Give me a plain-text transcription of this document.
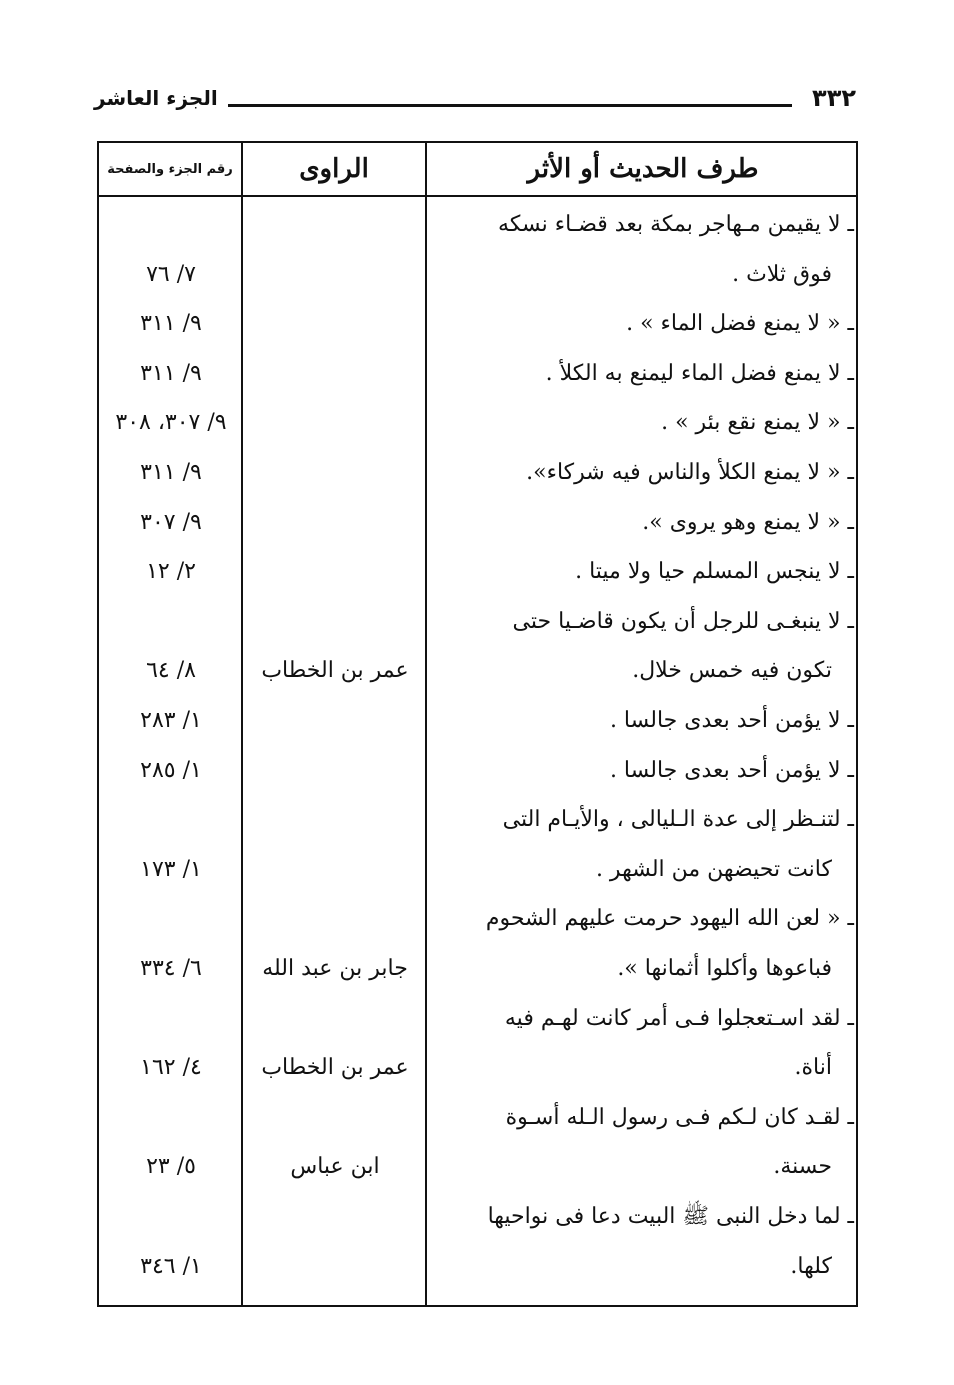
الجزء العاشر	٣٣٢
طرف الحديث أو الأثر
الراوى
رقم الجزء والصفحة
ـ لا يقيمن مـهاجر بمكة بعد قضـاء نسكه
فوق ثلاث .
٧/ ٧٦
ـ « لا يمنع فضل الماء » .
٩/ ٣١١
ـ لا يمنع فضل الماء ليمنع به الكلأ .
٩/ ٣١١
ـ « لا يمنع نقع بئر » .
٩/ ٣٠٧، ٣٠٨
ـ « لا يمنع الكلأ والناس فيه شركاء».
٩/ ٣١١
ـ « لا يمنع وهو يروى ».
٩/ ٣٠٧
ـ لا ينجس المسلم حيا ولا ميتا .
٢/ ١٢
ـ لا ينبغـى للرجل أن يكون قاضـيا حتى
تكون فيه خمس خلال.
عمر بن الخطاب
٨/ ٦٤
ـ لا يؤمن أحد بعدى جالسا .
١/ ٢٨٣
ـ لا يؤمن أحد بعدى جالسا .
١/ ٢٨٥
ـ لتنـظر إلى عدة الـليالى ، والأيـام التى
كانت تحيضهن من الشهر .
١/ ١٧٣
ـ « لعن الله اليهود حرمت عليهم الشحوم
فباعوها وأكلوا أثمانها ».
جابر بن عبد الله
٦/ ٣٣٤
ـ لقد اسـتعجلوا فـى أمر كانت لهـم فيه
أناة.
عمر بن الخطاب
٤/ ١٦٢
ـ لقـد كان لـكم فـى رسول الـله أسـوة
حسنة.
ابن عباس
٥/ ٢٣
ـ لما دخل النبى ﷺ البيت دعا فى نواحيها
كلها.
١/ ٣٤٦
